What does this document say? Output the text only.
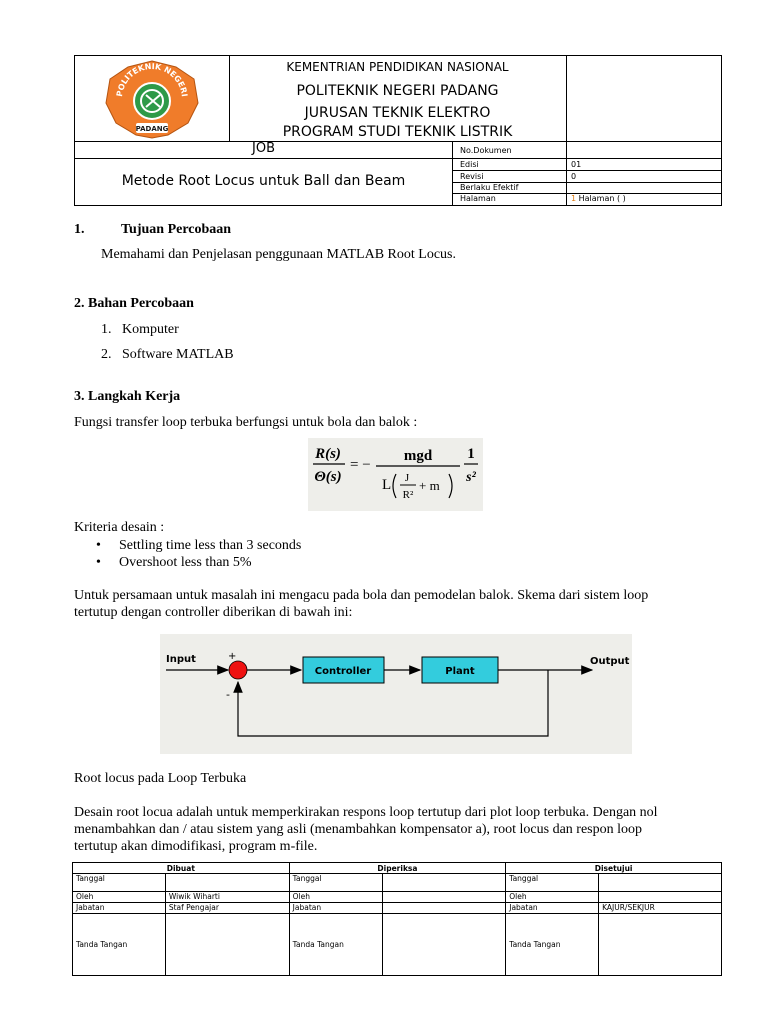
POLITEKNIK NEGERI
PADANG
KEMENTRIAN PENDIDIKAN NASIONAL
POLITEKNIK NEGERI PADANG
JURUSAN TEKNIK ELEKTRO
PROGRAM STUDI TEKNIK LISTRIK
JOB
Metode Root Locus untuk Ball dan Beam
No.Dokumen
Edisi	01
Revisi	0
Berlaku Efektif
Halaman	1 Halaman ( )
1.	Tujuan Percobaan
Memahami dan Penjelasan penggunaan MATLAB Root Locus.
2. Bahan Percobaan
1.   Komputer
2.   Software MATLAB
3. Langkah Kerja
Fungsi transfer loop terbuka berfungsi untuk bola dan balok :
R(s)
Θ(s)
= −
mgd
L J
R²
+ m
1
s²
Kriteria desain :
• Settling time less than 3 seconds
• Overshoot less than 5%
Untuk persamaan untuk masalah ini mengacu pada bola dan pemodelan balok. Skema dari sistem loop
tertutup dengan controller diberikan di bawah ini:
Input	+
-
Controller	Plant
Output
Root locus pada Loop Terbuka
Desain root locua adalah untuk memperkirakan respons loop tertutup dari plot loop terbuka. Dengan nol
menambahkan dan / atau sistem yang asli (menambahkan kompensator a), root locus dan respon loop
tertutup akan dimodifikasi, program m-file.
Dibuat		Diperiksa		Disetujui	
Tanggal		Tanggal		Tanggal	
Oleh	Wiwik Wiharti	Oleh		Oleh	
Jabatan	Staf Pengajar	Jabatan		Jabatan	KAJUR/SEKJUR
Tanda Tangan		Tanda Tangan		Tanda Tangan	
